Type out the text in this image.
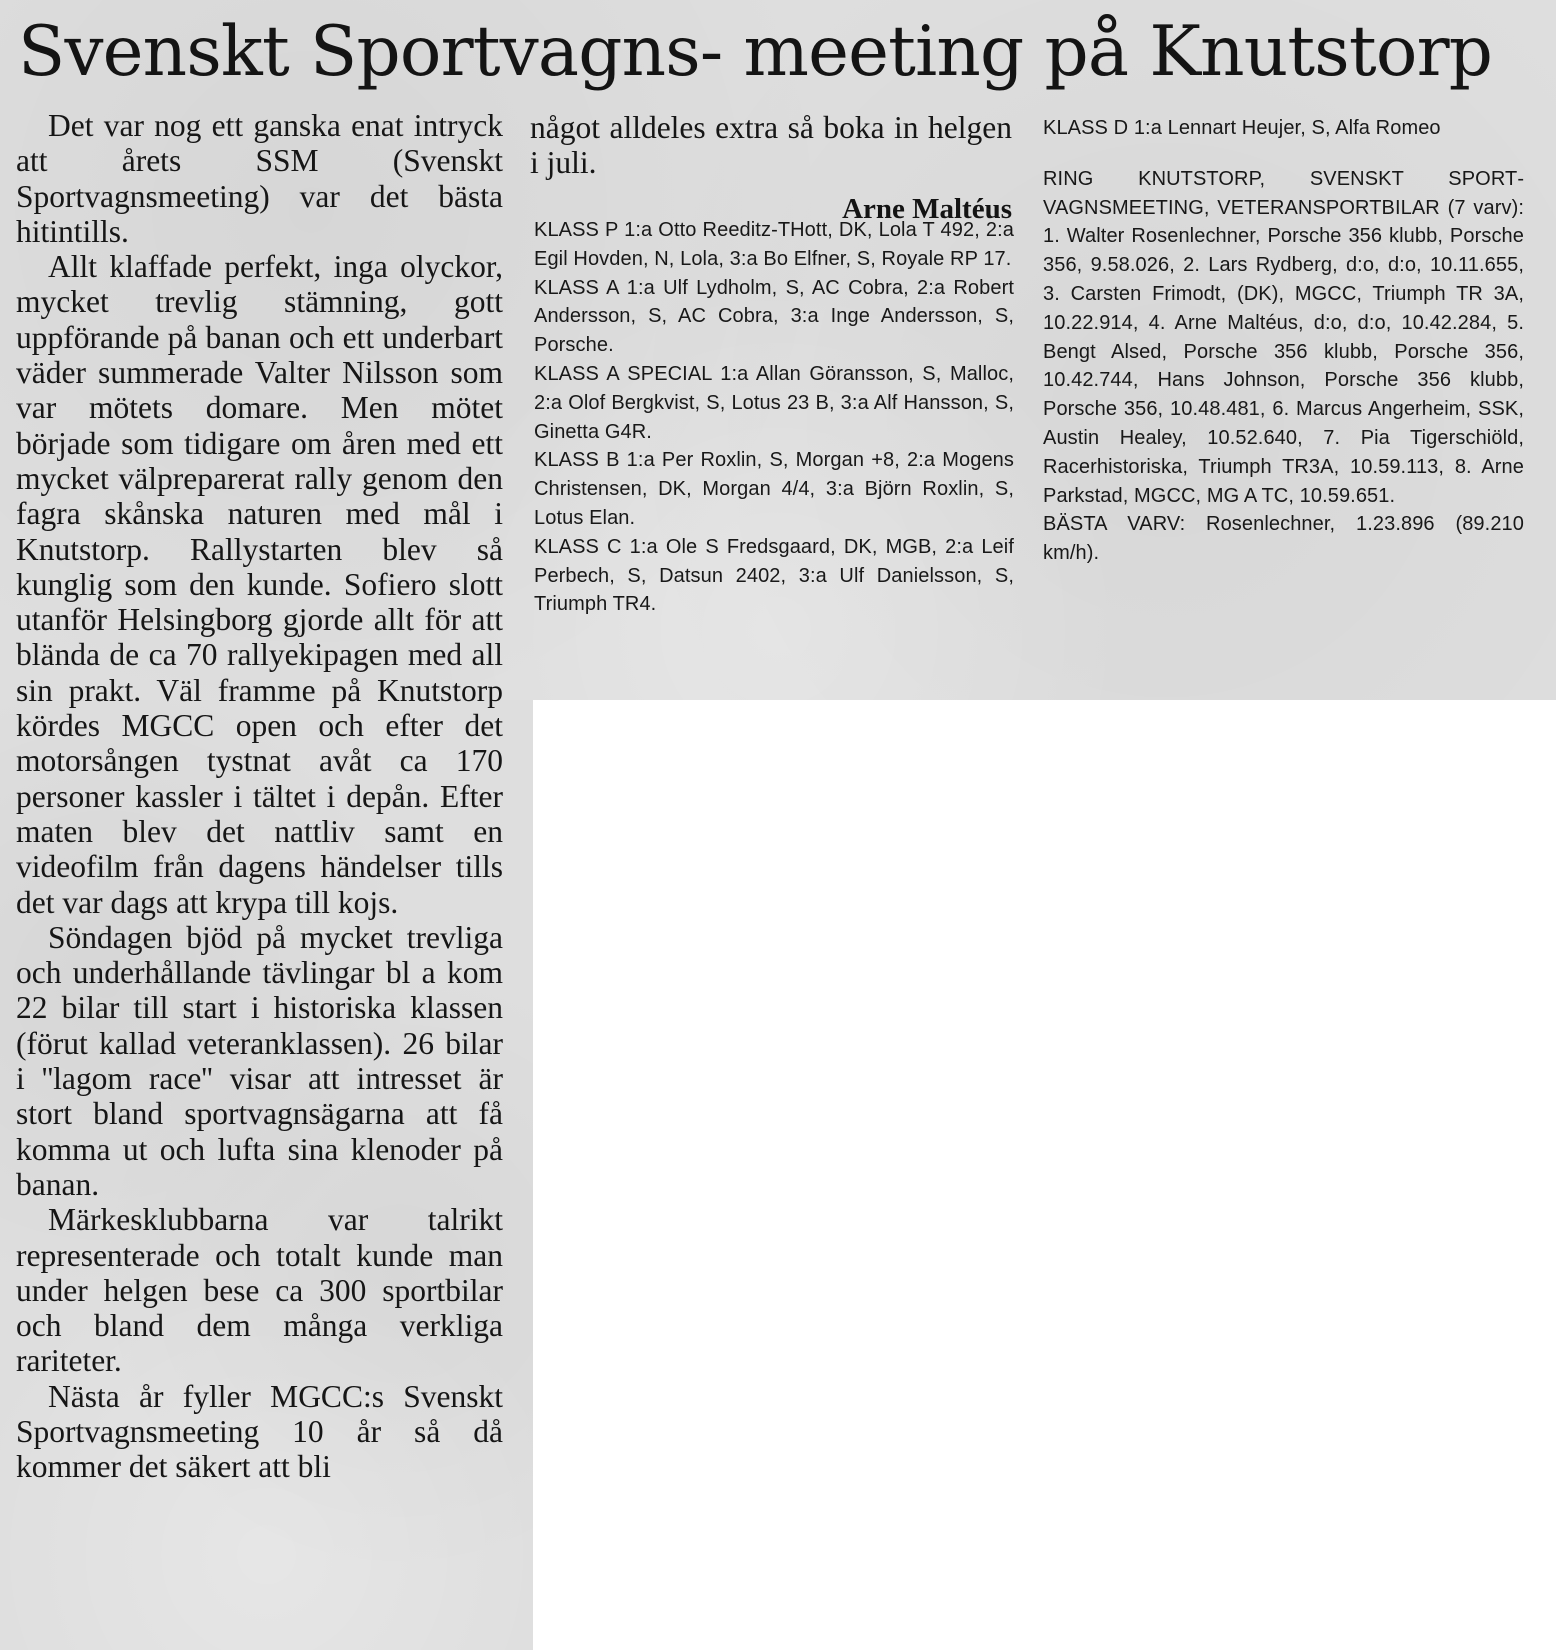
Svenskt Sportvagns- meeting på Knutstorp

Det var nog ett ganska enat intryck att årets SSM (Svenskt Sportvagnsmeeting) var det bästa hitintills.

Allt klaffade perfekt, inga olyckor, mycket trevlig stämning, gott uppförande på banan och ett underbart väder summerade Valter Nilsson som var mötets domare. Men mötet började som tidigare om åren med ett mycket välpreparerat rally genom den fagra skånska naturen med mål i Knutstorp. Rallystarten blev så kunglig som den kunde. Sofiero slott utanför Helsingborg gjorde allt för att blända de ca 70 rallyekipagen med all sin prakt. Väl framme på Knutstorp kördes MGCC open och efter det motorsången tystnat avåt ca 170 personer kassler i tältet i depån. Efter maten blev det nattliv samt en videofilm från dagens händelser tills det var dags att krypa till kojs.

Söndagen bjöd på mycket trevliga och underhållande tävlingar bl a kom 22 bilar till start i historiska klassen (förut kallad veteranklassen). 26 bilar i ''lagom race'' visar att intresset är stort bland sportvagnsägarna att få komma ut och lufta sina klenoder på banan.

Märkesklubbarna var talrikt representerade och totalt kunde man under helgen bese ca 300 sportbilar och bland dem många verkliga rariteter.

Nästa år fyller MGCC:s Svenskt Sportvagnsmeeting 10 år så då kommer det säkert att bli

något alldeles extra så boka in helgen i juli.

Arne Maltéus

KLASS P 1:a Otto Reeditz-THott, DK, Lola T 492, 2:a Egil Hovden, N, Lola, 3:a Bo Elfner, S, Royale RP 17.

KLASS A 1:a Ulf Lydholm, S, AC Cobra, 2:a Robert Andersson, S, AC Cobra, 3:a Inge Andersson, S, Porsche.

KLASS A SPECIAL 1:a Allan Göransson, S, Malloc, 2:a Olof Bergkvist, S, Lotus 23 B, 3:a Alf Hansson, S, Ginetta G4R.

KLASS B 1:a Per Roxlin, S, Morgan +8, 2:a Mogens Christensen, DK, Morgan 4/4, 3:a Björn Roxlin, S, Lotus Elan.

KLASS C 1:a Ole S Fredsgaard, DK, MGB, 2:a Leif Perbech, S, Datsun 2402, 3:a Ulf Danielsson, S, Triumph TR4.

KLASS D 1:a Lennart Heujer, S, Alfa Romeo

RING KNUTSTORP, SVENSKT SPORTVAGNSMEETING, VETERANSPORTBILAR (7 varv): 1. Walter Rosenlechner, Porsche 356 klubb, Porsche 356, 9.58.026, 2. Lars Rydberg, d:o, d:o, 10.11.655, 3. Carsten Frimodt, (DK), MGCC, Triumph TR 3A, 10.22.914, 4. Arne Maltéus, d:o, d:o, 10.42.284, 5. Bengt Alsed, Porsche 356 klubb, Porsche 356, 10.42.744, Hans Johnson, Porsche 356 klubb, Porsche 356, 10.48.481, 6. Marcus Angerheim, SSK, Austin Healey, 10.52.640, 7. Pia Tigerschiöld, Racerhistoriska, Triumph TR3A, 10.59.113, 8. Arne Parkstad, MGCC, MG A TC, 10.59.651.

BÄSTA VARV: Rosenlechner, 1.23.896 (89.210 km/h).
